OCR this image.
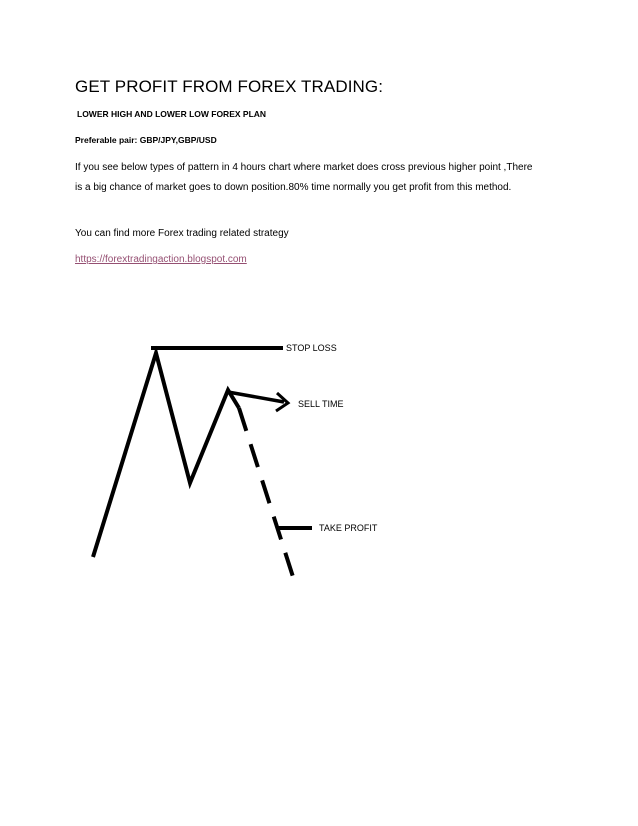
GET PROFIT FROM FOREX TRADING:
LOWER HIGH AND LOWER LOW FOREX PLAN
Preferable pair: GBP/JPY,GBP/USD

If you see below types of pattern in 4 hours chart where market does cross previous higher point ,There

is a big chance of market goes to down position.80% time normally you get profit from this method.

You can find more Forex trading related strategy
https://forextradingaction.blogspot.com
STOP LOSS
SELL TIME
TAKE PROFIT
